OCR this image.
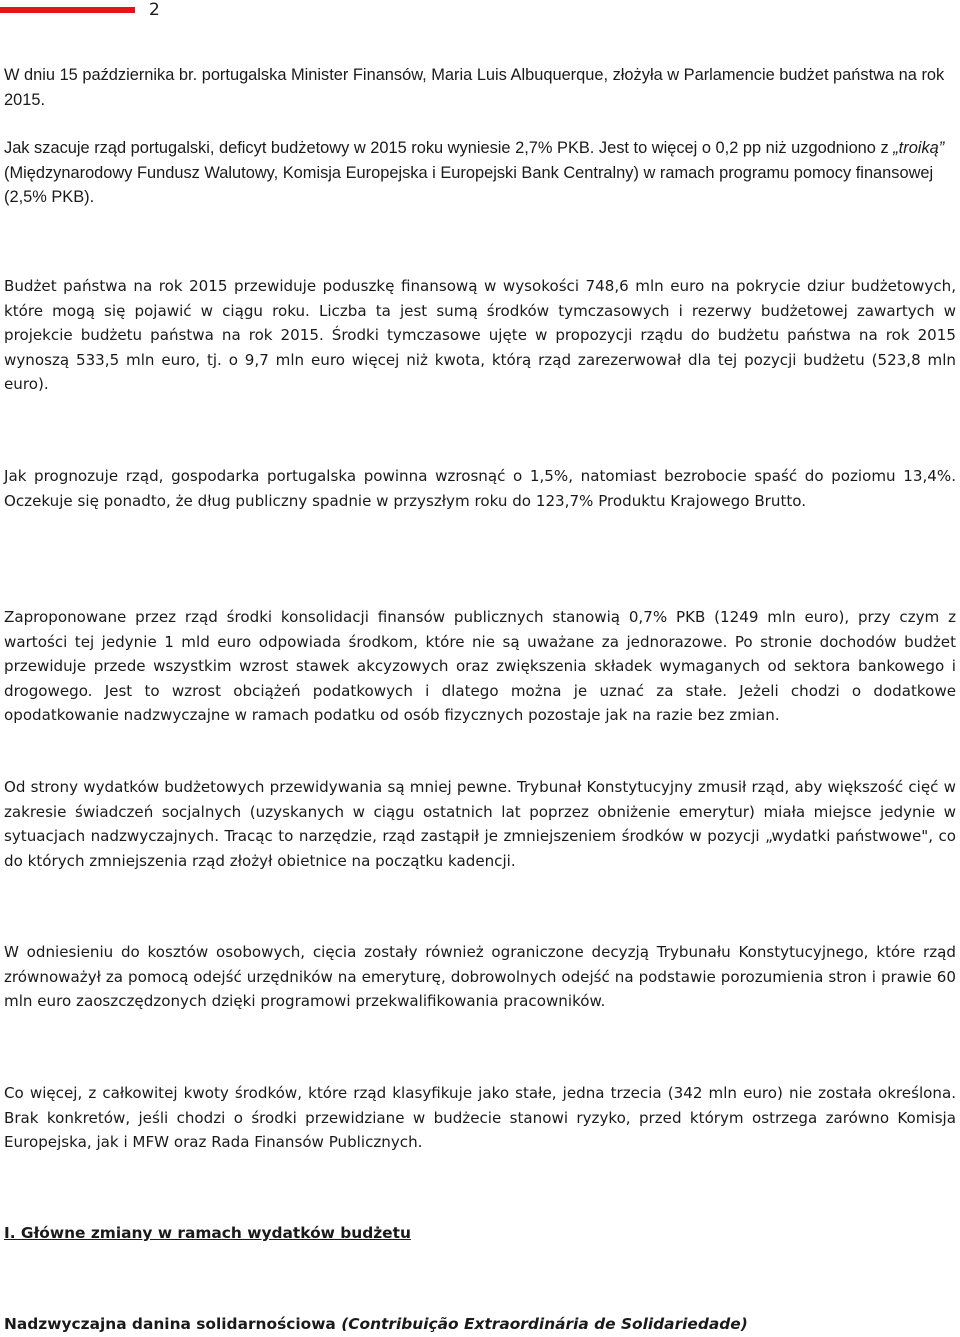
2

W dniu 15 października br. portugalska Minister Finansów, Maria Luis Albuquerque, złożyła w Parlamencie budżet państwa na rok 2015.

Jak szacuje rząd portugalski, deficyt budżetowy w 2015 roku wyniesie 2,7% PKB. Jest to więcej o 0,2 pp niż uzgodniono z „troiką” (Międzynarodowy Fundusz Walutowy, Komisja Europejska i Europejski Bank Centralny) w ramach programu pomocy finansowej (2,5% PKB).

Budżet państwa na rok 2015 przewiduje poduszkę finansową w wysokości 748,6 mln euro na pokrycie dziur budżetowych, które mogą się pojawić w ciągu roku. Liczba ta jest sumą środków tymczasowych i rezerwy budżetowej zawartych w projekcie budżetu państwa na rok 2015. Środki tymczasowe ujęte w propozycji rządu do budżetu państwa na rok 2015 wynoszą 533,5 mln euro, tj. o 9,7 mln euro więcej niż kwota, którą rząd zarezerwował dla tej pozycji budżetu (523,8 mln euro).

Jak prognozuje rząd, gospodarka portugalska powinna wzrosnąć o 1,5%, natomiast bezrobocie spaść do poziomu 13,4%. Oczekuje się ponadto, że dług publiczny spadnie w przyszłym roku do 123,7% Produktu Krajowego Brutto.

Zaproponowane przez rząd środki konsolidacji finansów publicznych stanowią 0,7% PKB (1249 mln euro), przy czym z wartości tej jedynie 1 mld euro odpowiada środkom, które nie są uważane za jednorazowe. Po stronie dochodów budżet przewiduje przede wszystkim wzrost stawek akcyzowych oraz zwiększenia składek wymaganych od sektora bankowego i drogowego. Jest to wzrost obciążeń podatkowych i dlatego można je uznać za stałe. Jeżeli chodzi o dodatkowe opodatkowanie nadzwyczajne w ramach podatku od osób fizycznych pozostaje jak na razie bez zmian.

Od strony wydatków budżetowych przewidywania są mniej pewne. Trybunał Konstytucyjny zmusił rząd, aby większość cięć w zakresie świadczeń socjalnych (uzyskanych w ciągu ostatnich lat poprzez obniżenie emerytur) miała miejsce jedynie w sytuacjach nadzwyczajnych. Tracąc to narzędzie, rząd zastąpił je zmniejszeniem środków w pozycji „wydatki państwowe", co do których zmniejszenia rząd złożył obietnice na początku kadencji.

W odniesieniu do kosztów osobowych, cięcia zostały również ograniczone decyzją Trybunału Konstytucyjnego, które rząd zrównoważył za pomocą odejść urzędników na emeryturę, dobrowolnych odejść na podstawie porozumienia stron i prawie 60 mln euro zaoszczędzonych dzięki programowi przekwalifikowania pracowników.

Co więcej, z całkowitej kwoty środków, które rząd klasyfikuje jako stałe, jedna trzecia (342 mln euro) nie została określona. Brak konkretów, jeśli chodzi o środki przewidziane w budżecie stanowi ryzyko, przed którym ostrzega zarówno Komisja Europejska, jak i MFW oraz Rada Finansów Publicznych.

I. Główne zmiany w ramach wydatków budżetu
Nadzwyczajna danina solidarnościowa (Contribuição Extraordinária de Solidariedade)
